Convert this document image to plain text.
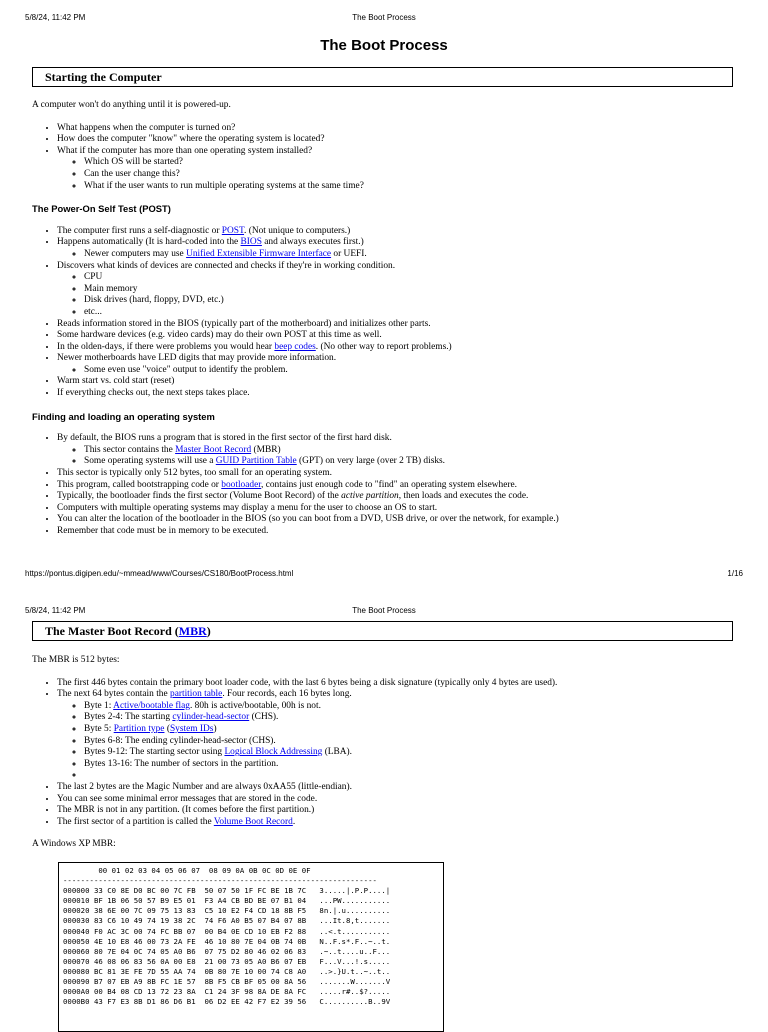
5/8/24, 11:42 PM	The Boot Process
The Boot Process
Starting the Computer

A computer won't do anything until it is powered-up.

• What happens when the computer is turned on?
• How does the computer "know" where the operating system is located?
• What if the computer has more than one operating system installed?
◦ Which OS will be started?
◦ Can the user change this?
◦ What if the user wants to run multiple operating systems at the same time?
The Power-On Self Test (POST)
• The computer first runs a self-diagnostic or POST. (Not unique to computers.)
• Happens automatically (It is hard-coded into the BIOS and always executes first.)
◦ Newer computers may use Unified Extensible Firmware Interface or UEFI.
• Discovers what kinds of devices are connected and checks if they're in working condition.
◦ CPU
◦ Main memory
◦ Disk drives (hard, floppy, DVD, etc.)
◦ etc...
• Reads information stored in the BIOS (typically part of the motherboard) and initializes other parts.
• Some hardware devices (e.g. video cards) may do their own POST at this time as well.
• In the olden-days, if there were problems you would hear beep codes. (No other way to report problems.)
• Newer motherboards have LED digits that may provide more information.
◦ Some even use "voice" output to identify the problem.
• Warm start vs. cold start (reset)
• If everything checks out, the next steps takes place.
Finding and loading an operating system
• By default, the BIOS runs a program that is stored in the first sector of the first hard disk.
◦ This sector contains the Master Boot Record (MBR)
◦ Some operating systems will use a GUID Partition Table (GPT) on very large (over 2 TB) disks.
• This sector is typically only 512 bytes, too small for an operating system.
• This program, called bootstrapping code or bootloader, contains just enough code to "find" an operating system elsewhere.
• Typically, the bootloader finds the first sector (Volume Boot Record) of the active partition, then loads and executes the code.
• Computers with multiple operating systems may display a menu for the user to choose an OS to start.
• You can alter the location of the bootloader in the BIOS (so you can boot from a DVD, USB drive, or over the network, for example.)
• Remember that code must be in memory to be executed.
https://pontus.digipen.edu/~mmead/www/Courses/CS180/BootProcess.html	1/16
5/8/24, 11:42 PM	The Boot Process
The Master Boot Record (MBR)

The MBR is 512 bytes:

• The first 446 bytes contain the primary boot loader code, with the last 6 bytes being a disk signature (typically only 4 bytes are used).
• The next 64 bytes contain the partition table. Four records, each 16 bytes long.
◦ Byte 1: Active/bootable flag. 80h is active/bootable, 00h is not.
◦ Bytes 2-4: The starting cylinder-head-sector (CHS).
◦ Byte 5: Partition type (System IDs)
◦ Bytes 6-8: The ending cylinder-head-sector (CHS).
◦ Bytes 9-12: The starting sector using Logical Block Addressing (LBA).
◦ Bytes 13-16: The number of sectors in the partition.
◦
• The last 2 bytes are the Magic Number and are always 0xAA55 (little-endian).
• You can see some minimal error messages that are stored in the code.
• The MBR is not in any partition. (It comes before the first partition.)
• The first sector of a partition is called the Volume Boot Record.

A Windows XP MBR:

00 01 02 03 04 05 06 07  08 09 0A 0B 0C 0D 0E 0F
-----------------------------------------------------------------------
000000 33 C0 8E D0 BC 00 7C FB  50 07 50 1F FC BE 1B 7C   3.....|.P.P....|
000010 BF 1B 06 50 57 B9 E5 01  F3 A4 CB BD BE 07 B1 04   ...PW...........
000020 38 6E 00 7C 09 75 13 83  C5 10 E2 F4 CD 18 8B F5   8n.|.u..........
000030 83 C6 10 49 74 19 38 2C  74 F6 A0 B5 07 B4 07 8B   ...It.8,t.......
000040 F0 AC 3C 00 74 FC BB 07  00 B4 0E CD 10 EB F2 88   ..<.t...........
000050 4E 10 E8 46 00 73 2A FE  46 10 80 7E 04 0B 74 0B   N..F.s*.F..~..t.
000060 80 7E 04 0C 74 05 A0 B6  07 75 D2 80 46 02 06 83   .~..t....u..F...
000070 46 08 06 83 56 0A 00 E8  21 00 73 05 A0 B6 07 EB   F...V...!.s.....
000080 BC 81 3E FE 7D 55 AA 74  0B 80 7E 10 00 74 C8 A0   ..>.}U.t..~..t..
000090 B7 07 EB A9 8B FC 1E 57  8B F5 CB BF 05 00 8A 56   .......W.......V
0000A0 00 B4 08 CD 13 72 23 8A  C1 24 3F 98 8A DE 8A FC   .....r#..$?.....
0000B0 43 F7 E3 8B D1 86 D6 B1  06 D2 EE 42 F7 E2 39 56   C..........B..9V
